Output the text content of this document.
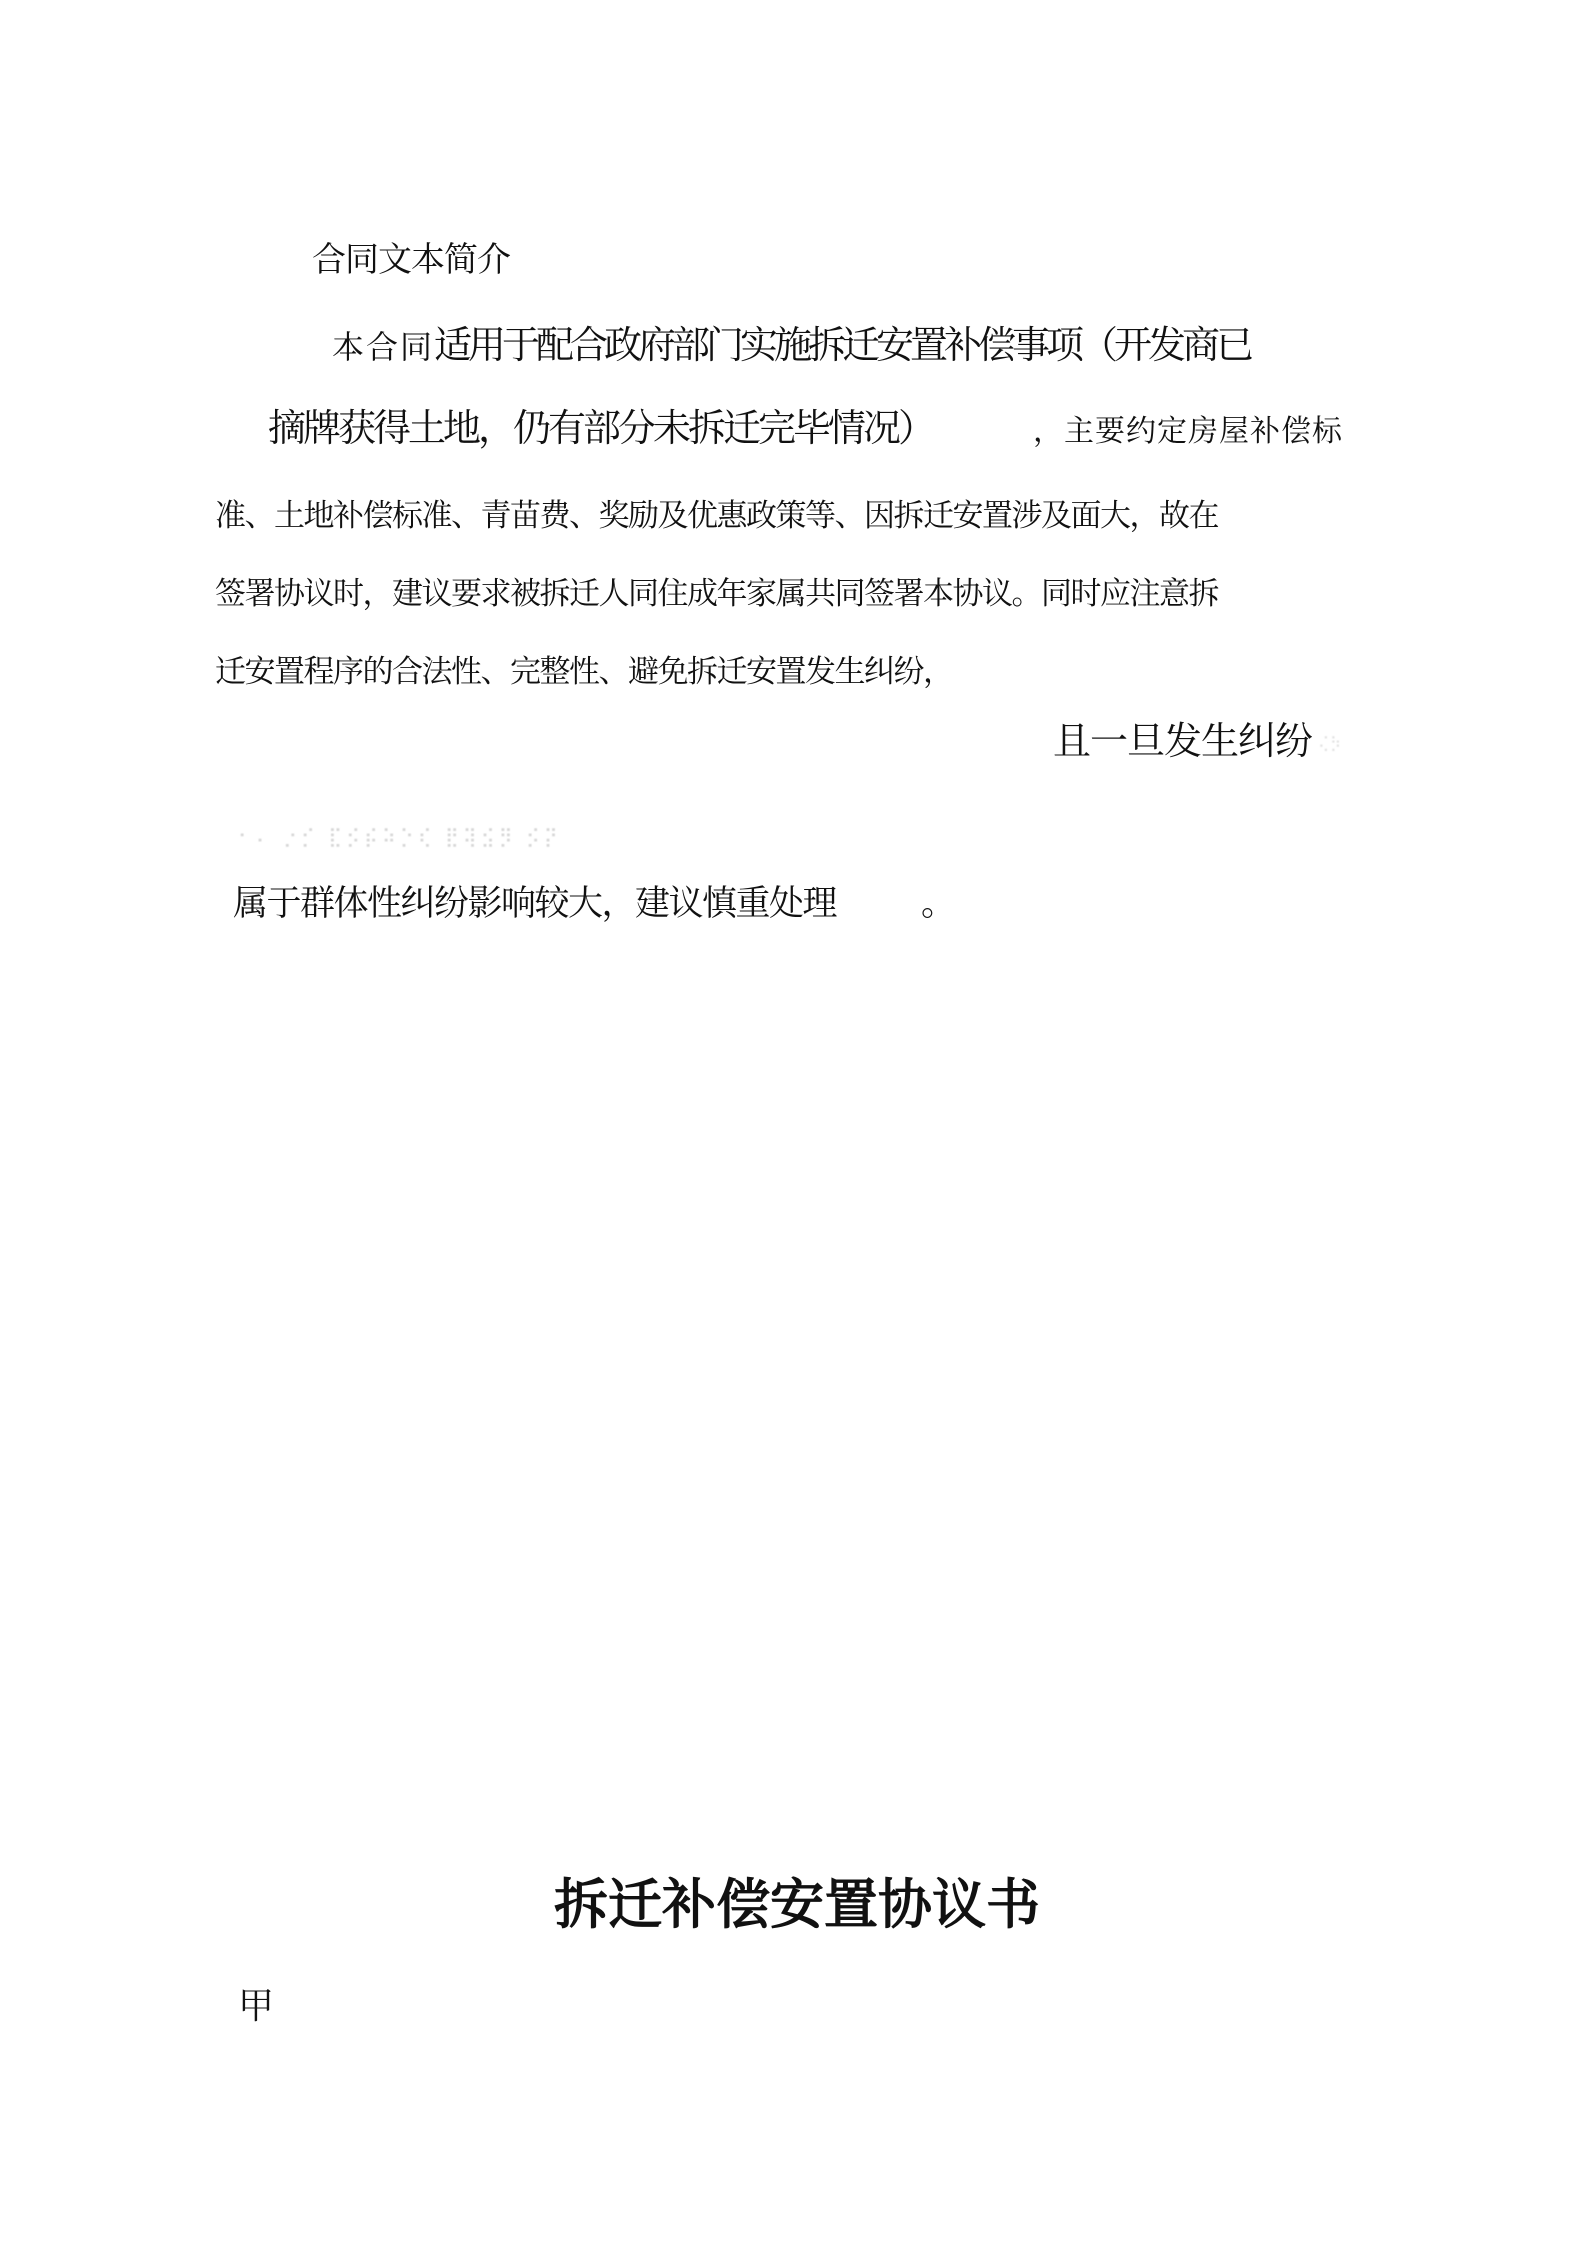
合同文本简介
本合同适用于配合政府部门实施拆迁安置补偿事项（开发商已
摘牌获得土地，仍有部分未拆迁完毕情况）	，主要约定房屋补偿标
准、土地补偿标准、青苗费、奖励及优惠政策等、因拆迁安置涉及面大，故在
签署协议时，建议要求被拆迁人同住成年家属共同签署本协议。同时应注意拆
迁安置程序的合法性、完整性、避免拆迁安置发生纠纷，
且一旦发生纠纷 ⢌⡳
⠂⠄ ⡐⡊ ⣏⡪⡮⠵⡑⢎ ⣟⢽⣪⡻ ⡪⡝
属于群体性纠纷影响较大，建议慎重处理 。
拆迁补偿安置协议书
甲
